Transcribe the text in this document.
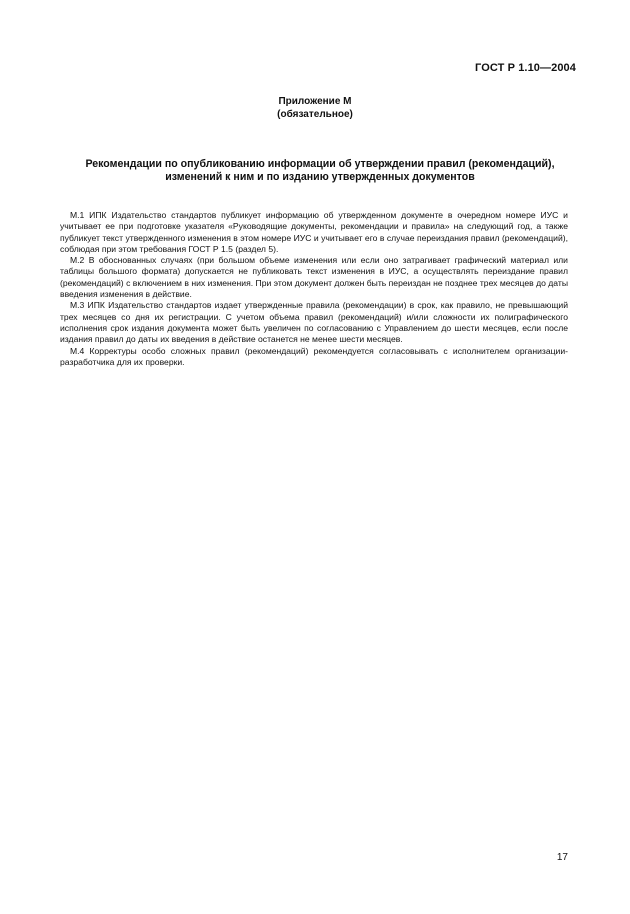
ГОСТ Р 1.10—2004
Приложение М
(обязательное)
Рекомендации по опубликованию информации об утверждении правил (рекомендаций),
изменений к ним и по изданию утвержденных документов

М.1 ИПК Издательство стандартов публикует информацию об утвержденном документе в очередном номере ИУС и учитывает ее при подготовке указателя «Руководящие документы, рекомендации и правила» на следующий год, а также публикует текст утвержденного изменения в этом номере ИУС и учитывает его в случае переиздания правил (рекомендаций), соблюдая при этом требования ГОСТ Р 1.5 (раздел 5).

М.2 В обоснованных случаях (при большом объеме изменения или если оно затрагивает графический материал или таблицы большого формата) допускается не публиковать текст изменения в ИУС, а осуществлять переиздание правил (рекомендаций) с включением в них изменения. При этом документ должен быть переиздан не позднее трех месяцев до даты введения изменения в действие.

М.3 ИПК Издательство стандартов издает утвержденные правила (рекомендации) в срок, как правило, не превышающий трех месяцев со дня их регистрации. С учетом объема правил (рекомендаций) и/или сложности их полиграфического исполнения срок издания документа может быть увеличен по согласованию с Управлением до шести месяцев, если после издания правил до даты их введения в действие останется не менее шести месяцев.

М.4 Корректуры особо сложных правил (рекомендаций) рекомендуется согласовывать с исполнителем организации-разработчика для их проверки.

17
